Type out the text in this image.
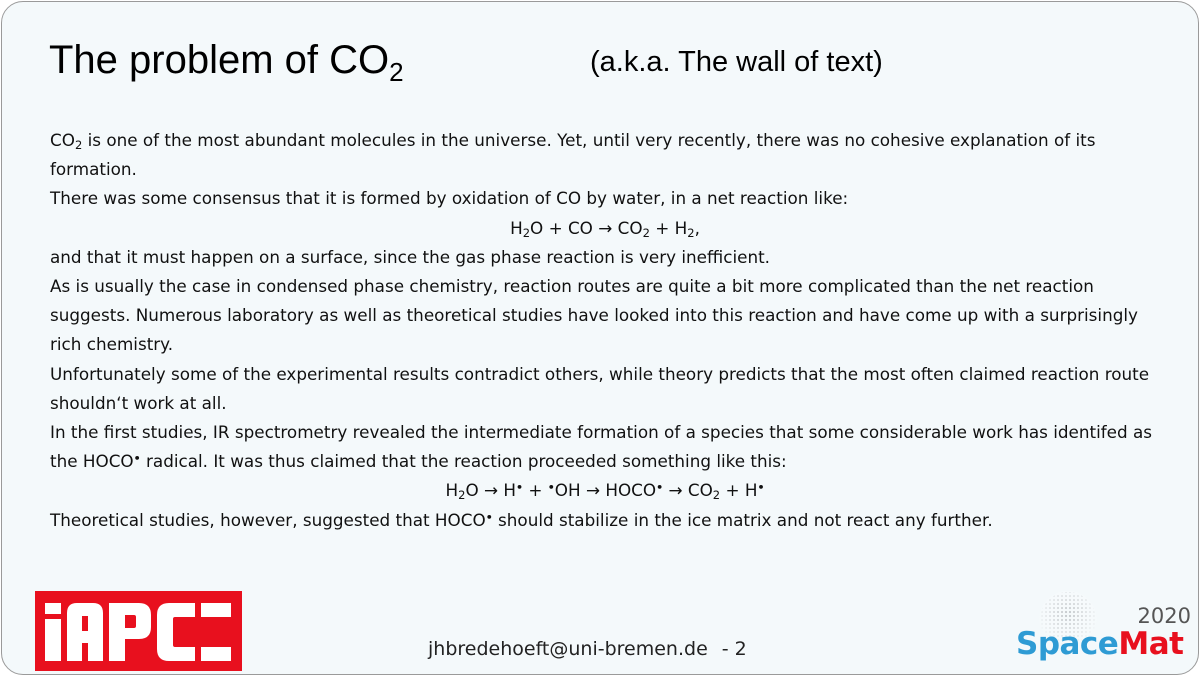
The problem of $CO_2$	(a.k.a. The wall of text)

$CO_2$ is one of the most abundant molecules in the universe. Yet, until very recently, there was no cohesive explanation of its formation.

There was some consensus that it is formed by oxidation of CO by water, in a net reaction like:

$H_2O$ + CO → $CO_2 + H_2$,

and that it must happen on a surface, since the gas phase reaction is very inefficient.

As is usually the case in condensed phase chemistry, reaction routes are quite a bit more complicated than the net reaction suggests. Numerous laboratory as well as theoretical studies have looked into this reaction and have come up with a surprisingly rich chemistry.

Unfortunately some of the experimental results contradict others, while theory predicts that the most often claimed reaction route shouldn‘t work at all.

In the first studies, IR spectrometry revealed the intermediate formation of a species that some considerable work has identifed as the HOCO• radical. It was thus claimed that the reaction proceeded something like this:

$H_2O \to H^• + ^•OH$ → HOCO• → $CO_2 + H^•$

Theoretical studies, however, suggested that HOCO• should stabilize in the ice matrix and not react any further.

jhbredehoeft@uni-bremen.de - 2
2020
SpaceMat
